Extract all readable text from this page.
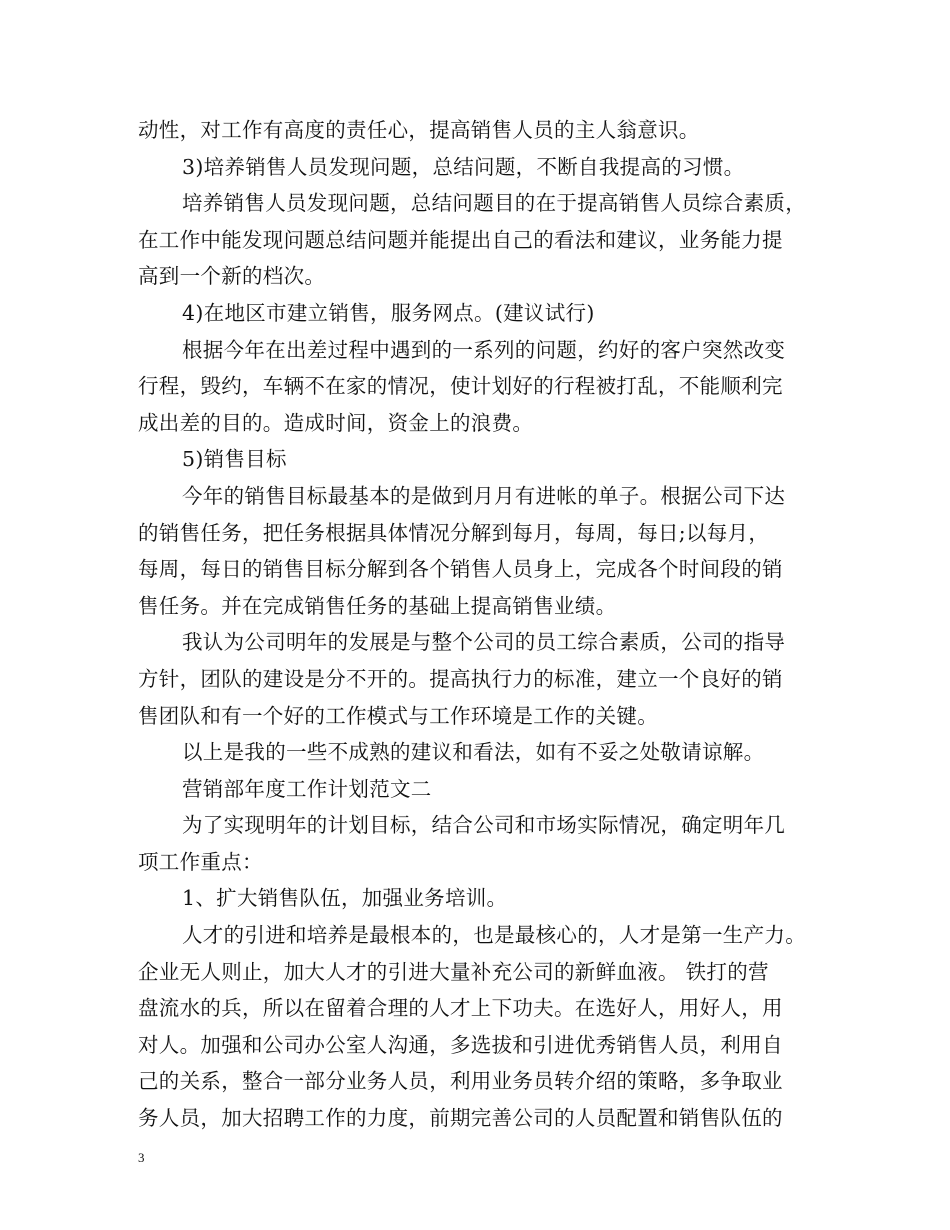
动性，对工作有高度的责任心，提高销售人员的主人翁意识。
3)培养销售人员发现问题，总结问题，不断自我提高的习惯。
培养销售人员发现问题，总结问题目的在于提高销售人员综合素质，
在工作中能发现问题总结问题并能提出自己的看法和建议，业务能力提
高到一个新的档次。
4)在地区市建立销售，服务网点。(建议试行)
根据今年在出差过程中遇到的一系列的问题，约好的客户突然改变
行程，毁约，车辆不在家的情况，使计划好的行程被打乱，不能顺利完
成出差的目的。造成时间，资金上的浪费。
5)销售目标
今年的销售目标最基本的是做到月月有进帐的单子。根据公司下达
的销售任务，把任务根据具体情况分解到每月，每周，每日;以每月，
每周，每日的销售目标分解到各个销售人员身上，完成各个时间段的销
售任务。并在完成销售任务的基础上提高销售业绩。
我认为公司明年的发展是与整个公司的员工综合素质，公司的指导
方针，团队的建设是分不开的。提高执行力的标准，建立一个良好的销
售团队和有一个好的工作模式与工作环境是工作的关键。
以上是我的一些不成熟的建议和看法，如有不妥之处敬请谅解。
营销部年度工作计划范文二
为了实现明年的计划目标，结合公司和市场实际情况，确定明年几
项工作重点：
1、扩大销售队伍，加强业务培训。
人才的引进和培养是最根本的，也是最核心的，人才是第一生产力。
企业无人则止，加大人才的引进大量补充公司的新鲜血液。 铁打的营
盘流水的兵，所以在留着合理的人才上下功夫。在选好人，用好人，用
对人。加强和公司办公室人沟通，多选拔和引进优秀销售人员，利用自
己的关系，整合一部分业务人员，利用业务员转介绍的策略，多争取业
务人员，加大招聘工作的力度，前期完善公司的人员配置和销售队伍的
3
